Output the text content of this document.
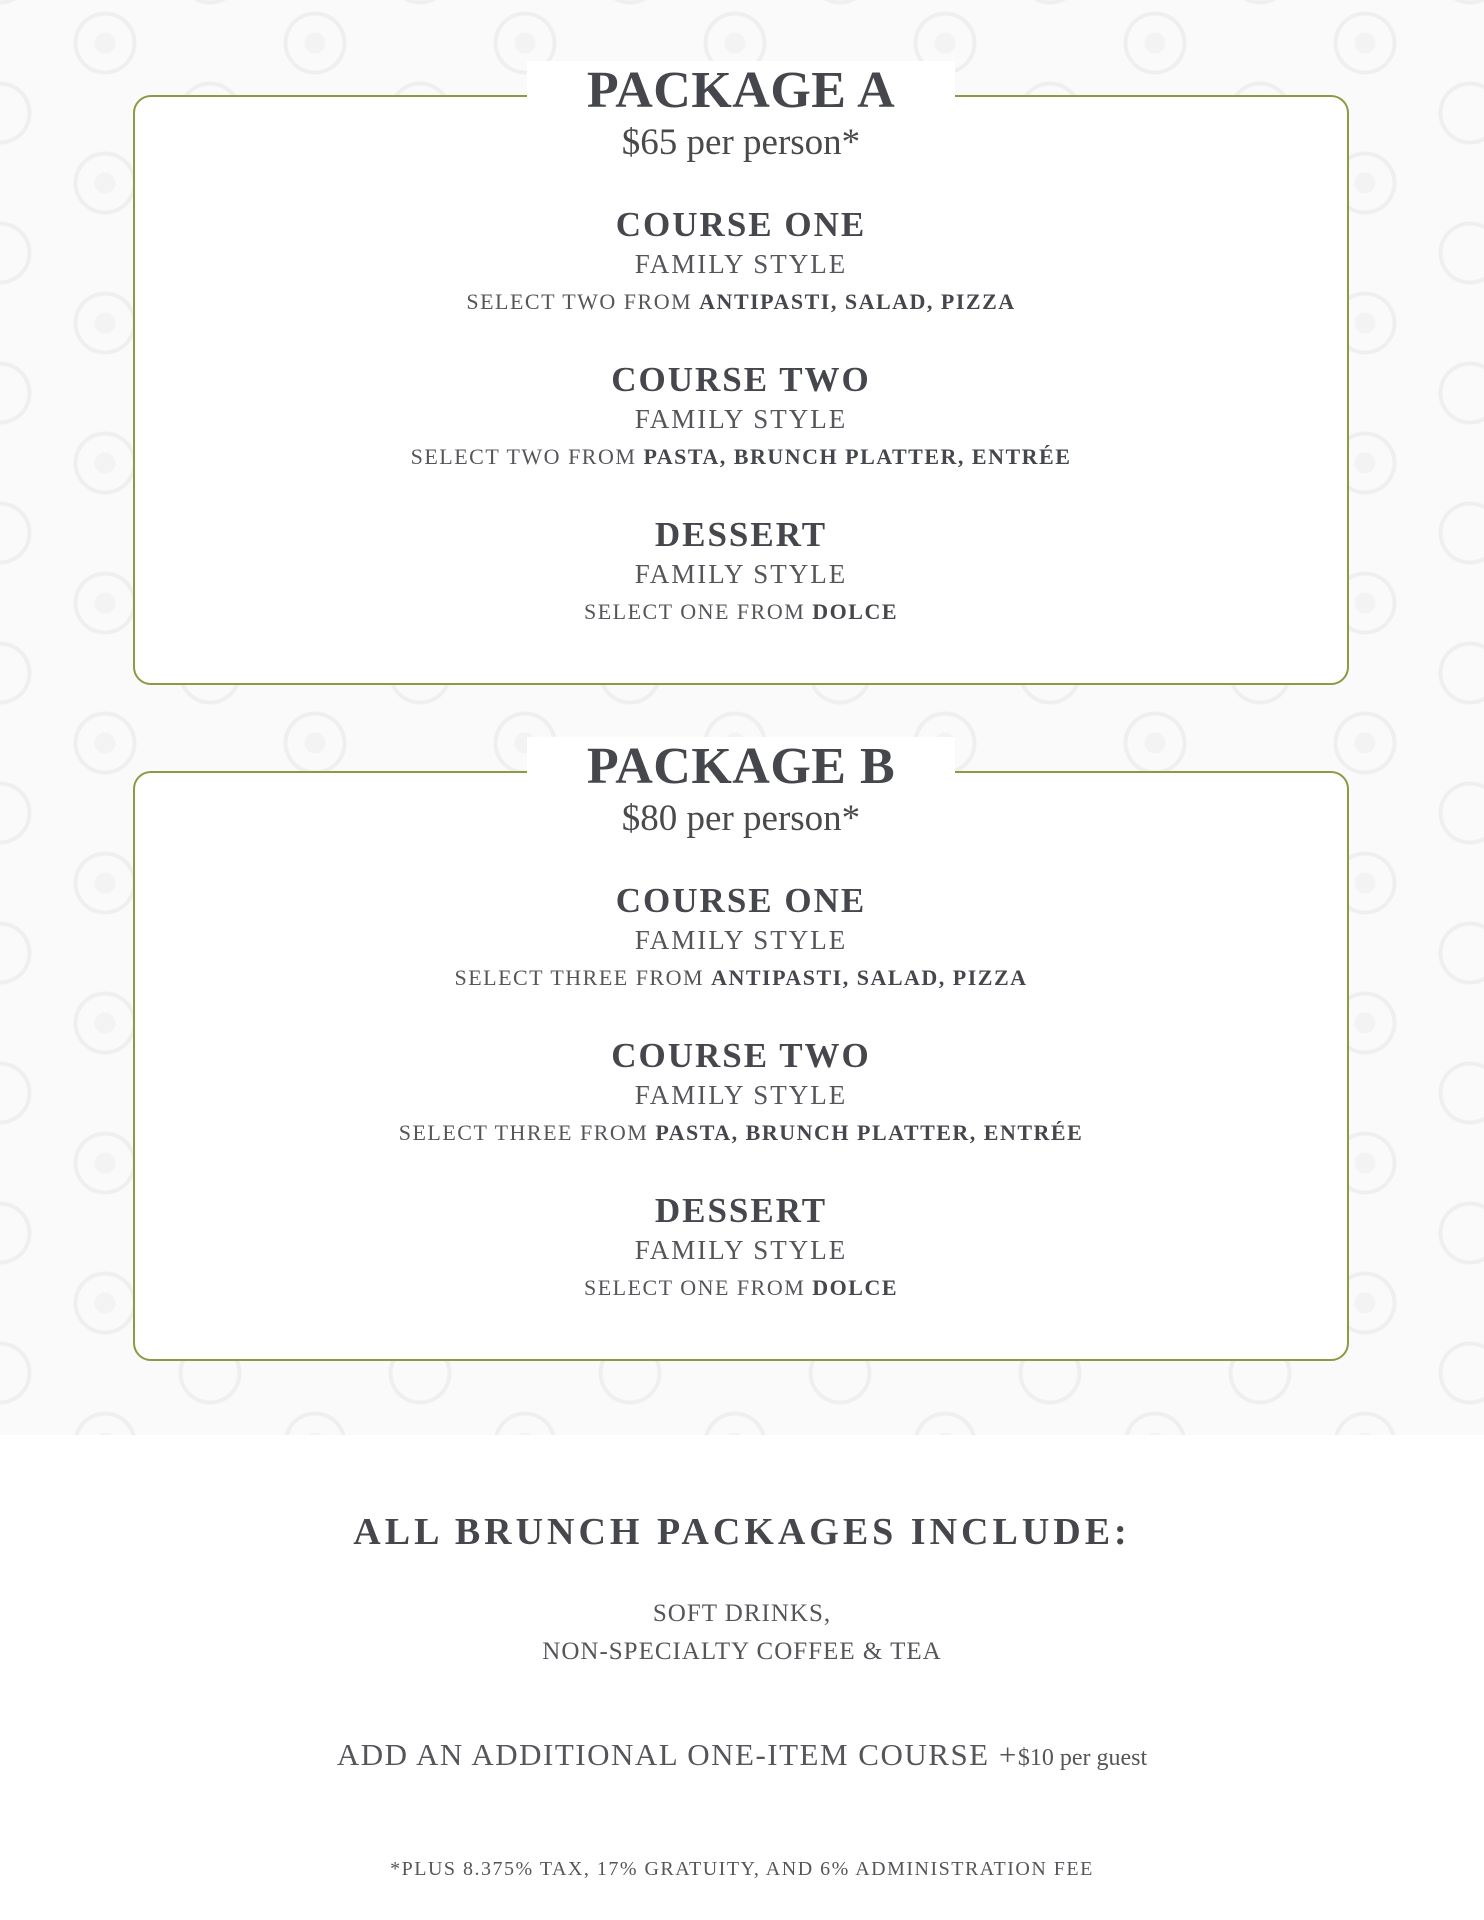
PACKAGE A
$65 per person*
COURSE ONE
FAMILY STYLE
SELECT TWO FROM ANTIPASTI, SALAD, PIZZA
COURSE TWO
FAMILY STYLE
SELECT TWO FROM PASTA, BRUNCH PLATTER, ENTRÉE
DESSERT
FAMILY STYLE
SELECT ONE FROM DOLCE
PACKAGE B
$80 per person*
COURSE ONE
FAMILY STYLE
SELECT THREE FROM ANTIPASTI, SALAD, PIZZA
COURSE TWO
FAMILY STYLE
SELECT THREE FROM PASTA, BRUNCH PLATTER, ENTRÉE
DESSERT
FAMILY STYLE
SELECT ONE FROM DOLCE
ALL BRUNCH PACKAGES INCLUDE:
SOFT DRINKS,
NON-SPECIALTY COFFEE & TEA
ADD AN ADDITIONAL ONE-ITEM COURSE +$10 per guest
*PLUS 8.375% TAX, 17% GRATUITY, AND 6% ADMINISTRATION FEE
